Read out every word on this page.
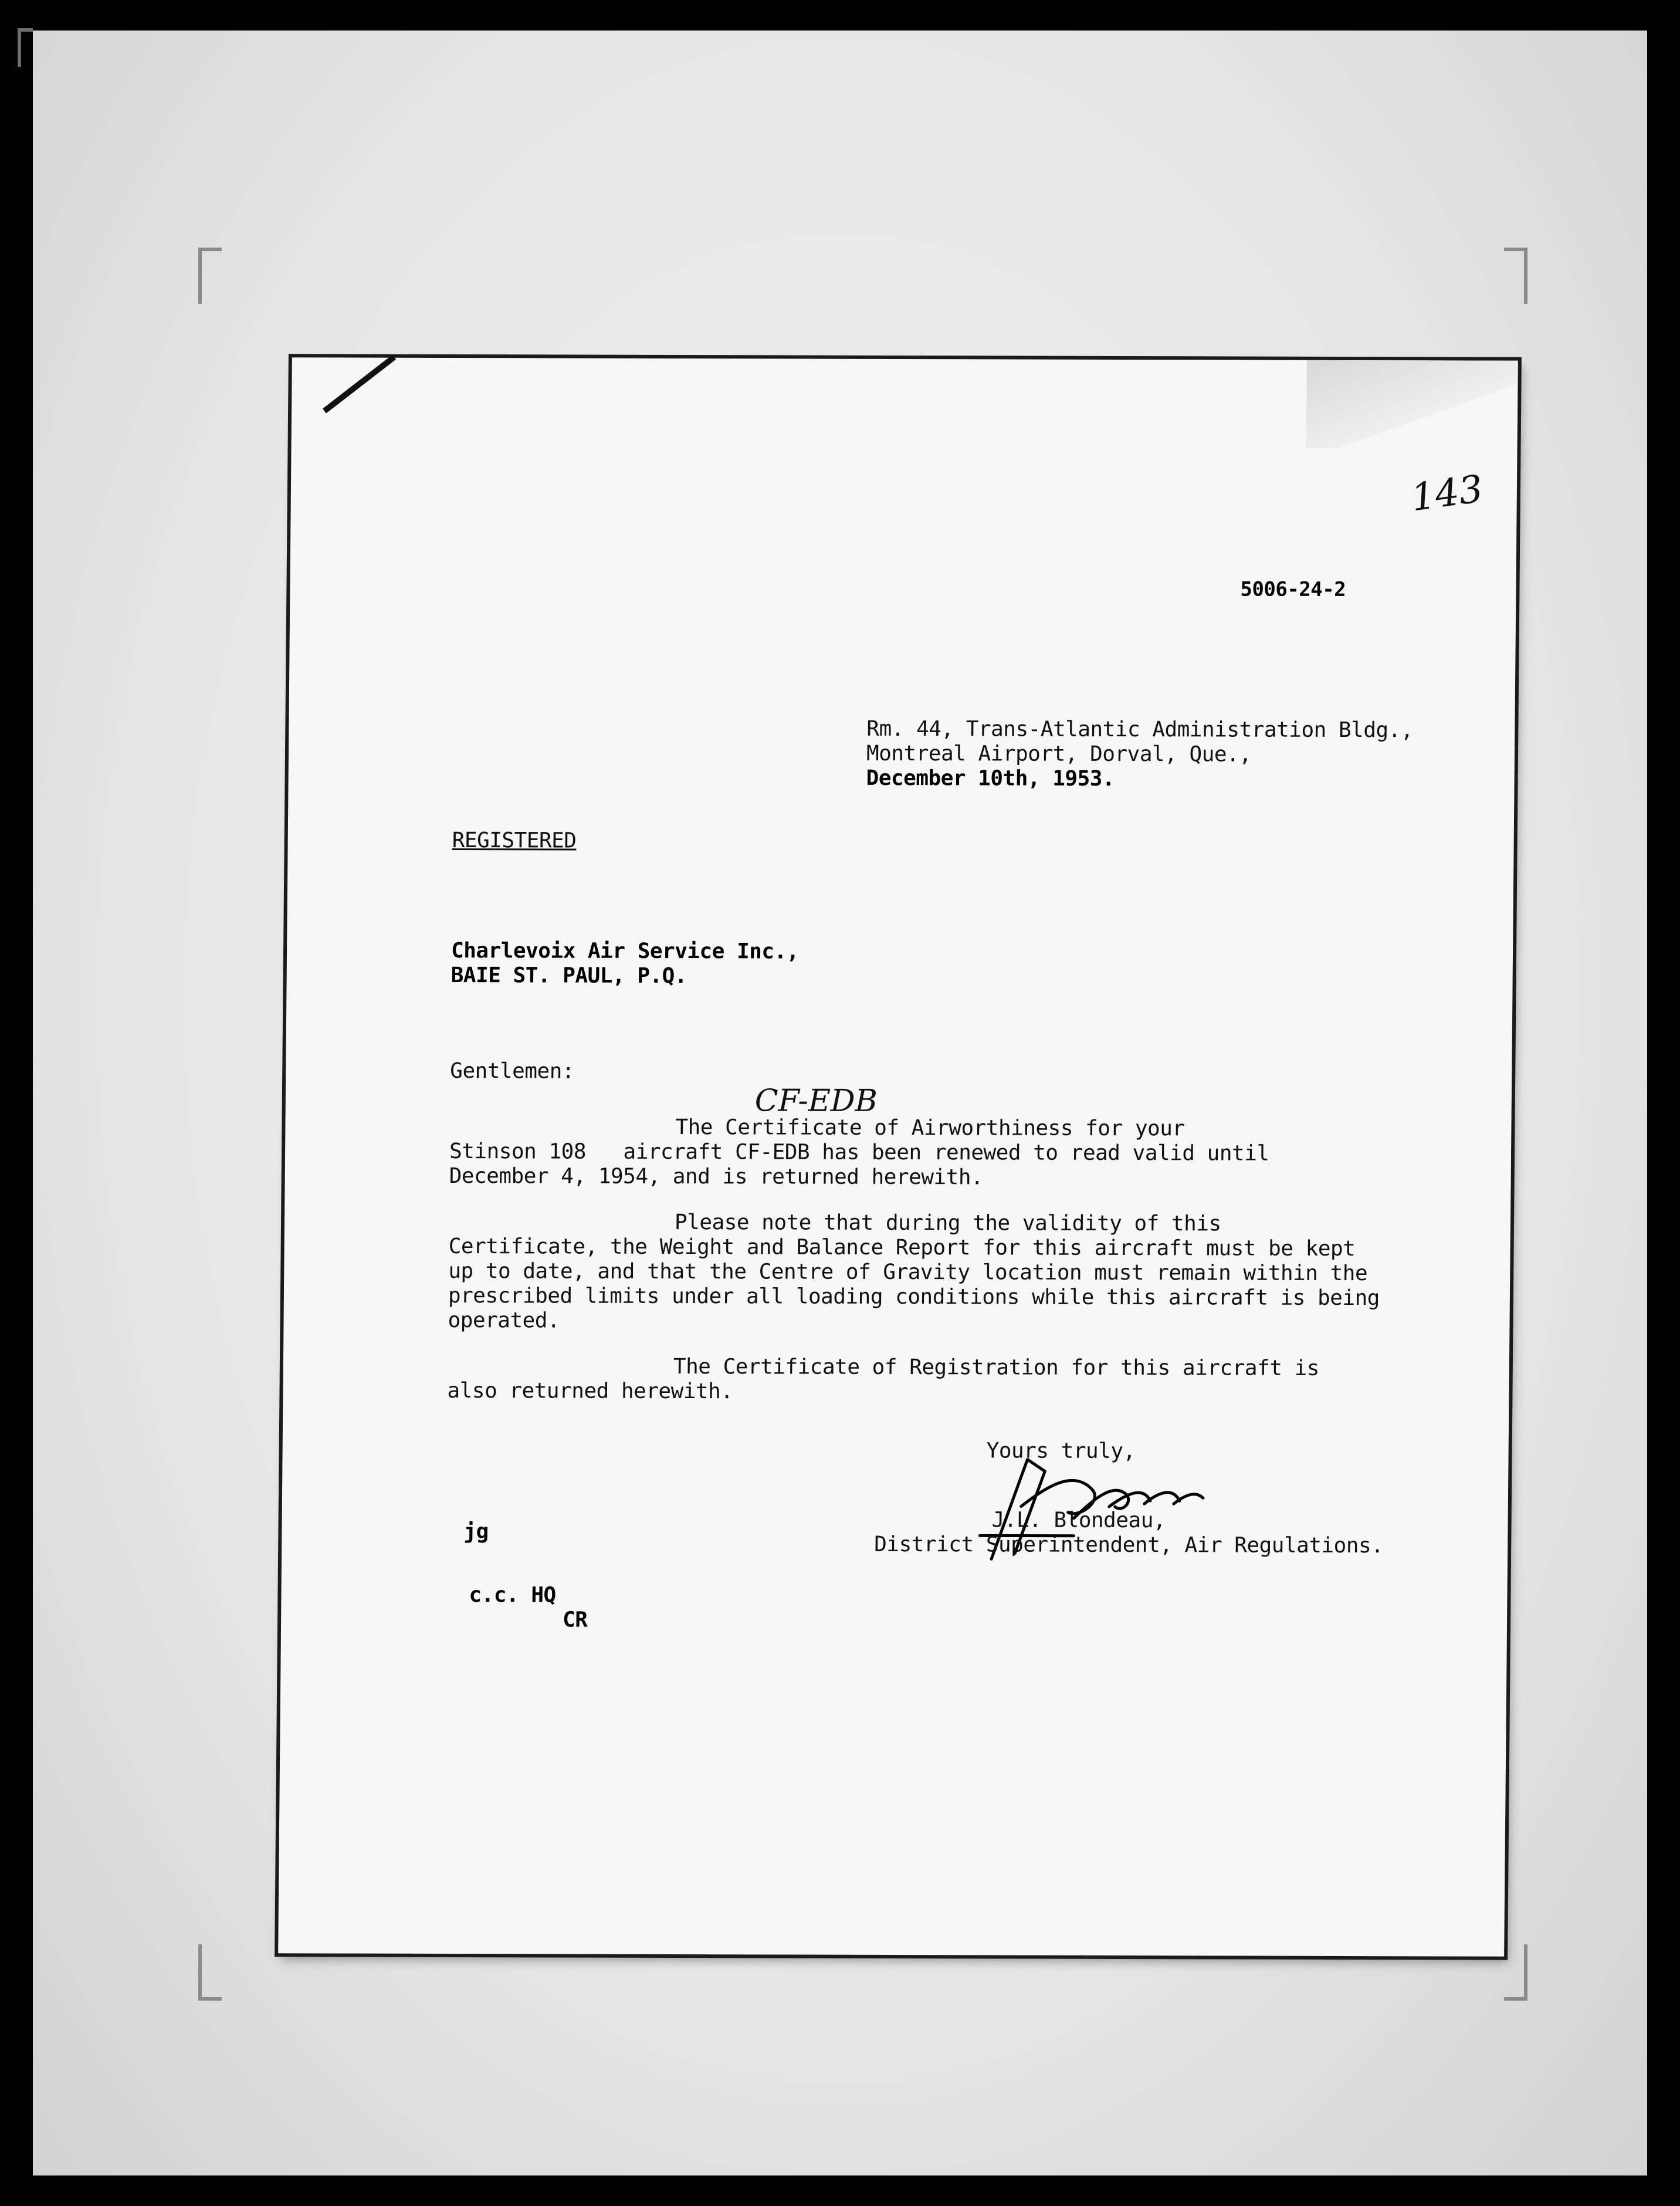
5006-24-2
143
Rm. 44, Trans-Atlantic Administration Bldg.,
Montreal Airport, Dorval, Que.,
December 10th, 1953.
REGISTERED
Charlevoix Air Service Inc.,
BAIE ST. PAUL, P.Q.
Gentlemen:
CF-EDB
The Certificate of Airworthiness for your
Stinson 108   aircraft CF-EDB has been renewed to read valid until
December 4, 1954, and is returned herewith.
Please note that during the validity of this
Certificate, the Weight and Balance Report for this aircraft must be kept
up to date, and that the Centre of Gravity location must remain within the
prescribed limits under all loading conditions while this aircraft is being
operated.
The Certificate of Registration for this aircraft is
also returned herewith.
Yours truly,
J.L. Blondeau,
District Superintendent, Air Regulations.
jg
c.c. HQ
CR
